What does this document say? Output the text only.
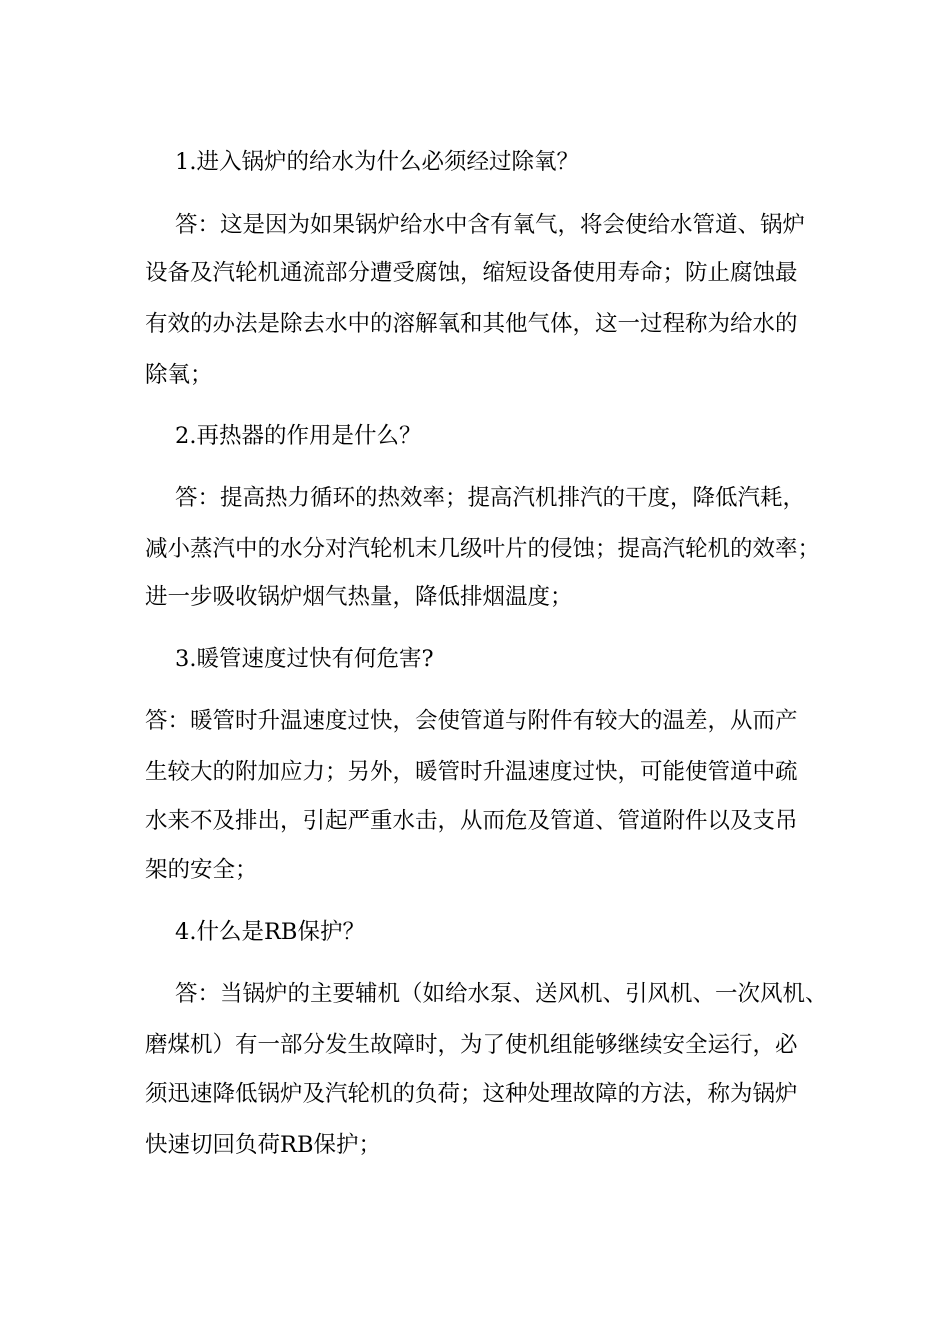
1.进入锅炉的给水为什么必须经过除氧？
答：这是因为如果锅炉给水中含有氧气，将会使给水管道、锅炉
设备及汽轮机通流部分遭受腐蚀，缩短设备使用寿命；防止腐蚀最
有效的办法是除去水中的溶解氧和其他气体，这一过程称为给水的
除氧；
2.再热器的作用是什么？
答：提高热力循环的热效率；提高汽机排汽的干度，降低汽耗，
减小蒸汽中的水分对汽轮机末几级叶片的侵蚀；提高汽轮机的效率；
进一步吸收锅炉烟气热量，降低排烟温度；
3.暖管速度过快有何危害?
答：暖管时升温速度过快，会使管道与附件有较大的温差，从而产
生较大的附加应力；另外，暖管时升温速度过快，可能使管道中疏
水来不及排出，引起严重水击，从而危及管道、管道附件以及支吊
架的安全；
4.什么是RB保护？
答：当锅炉的主要辅机（如给水泵、送风机、引风机、一次风机、
磨煤机）有一部分发生故障时，为了使机组能够继续安全运行，必
须迅速降低锅炉及汽轮机的负荷；这种处理故障的方法，称为锅炉
快速切回负荷RB保护；
